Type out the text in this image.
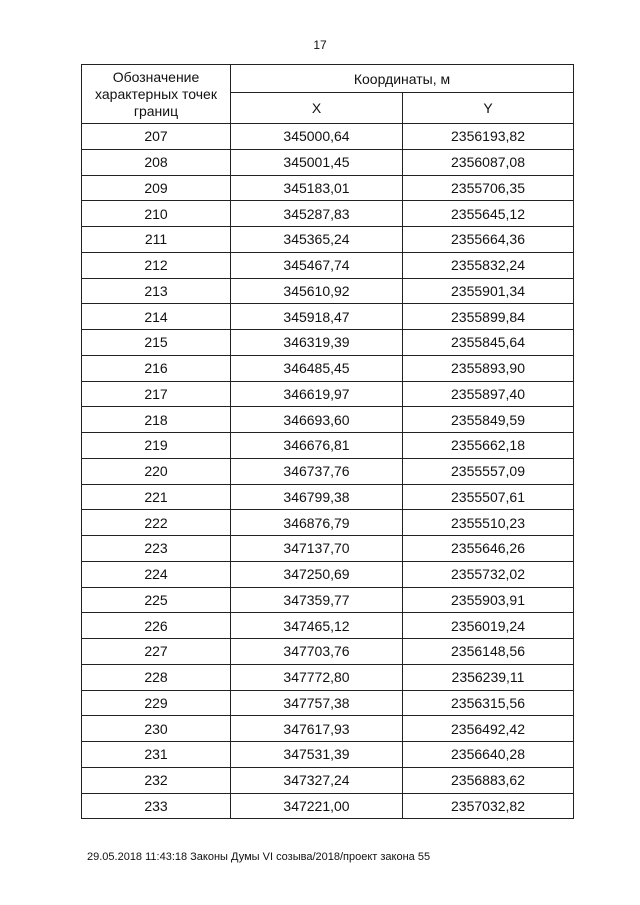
17
Обозначение характерных точек границ	Координаты, м	
	X	Y
207	345000,64	2356193,82
208	345001,45	2356087,08
209	345183,01	2355706,35
210	345287,83	2355645,12
211	345365,24	2355664,36
212	345467,74	2355832,24
213	345610,92	2355901,34
214	345918,47	2355899,84
215	346319,39	2355845,64
216	346485,45	2355893,90
217	346619,97	2355897,40
218	346693,60	2355849,59
219	346676,81	2355662,18
220	346737,76	2355557,09
221	346799,38	2355507,61
222	346876,79	2355510,23
223	347137,70	2355646,26
224	347250,69	2355732,02
225	347359,77	2355903,91
226	347465,12	2356019,24
227	347703,76	2356148,56
228	347772,80	2356239,11
229	347757,38	2356315,56
230	347617,93	2356492,42
231	347531,39	2356640,28
232	347327,24	2356883,62
233	347221,00	2357032,82
29.05.2018 11:43:18 Законы Думы VI созыва/2018/проект закона 55
